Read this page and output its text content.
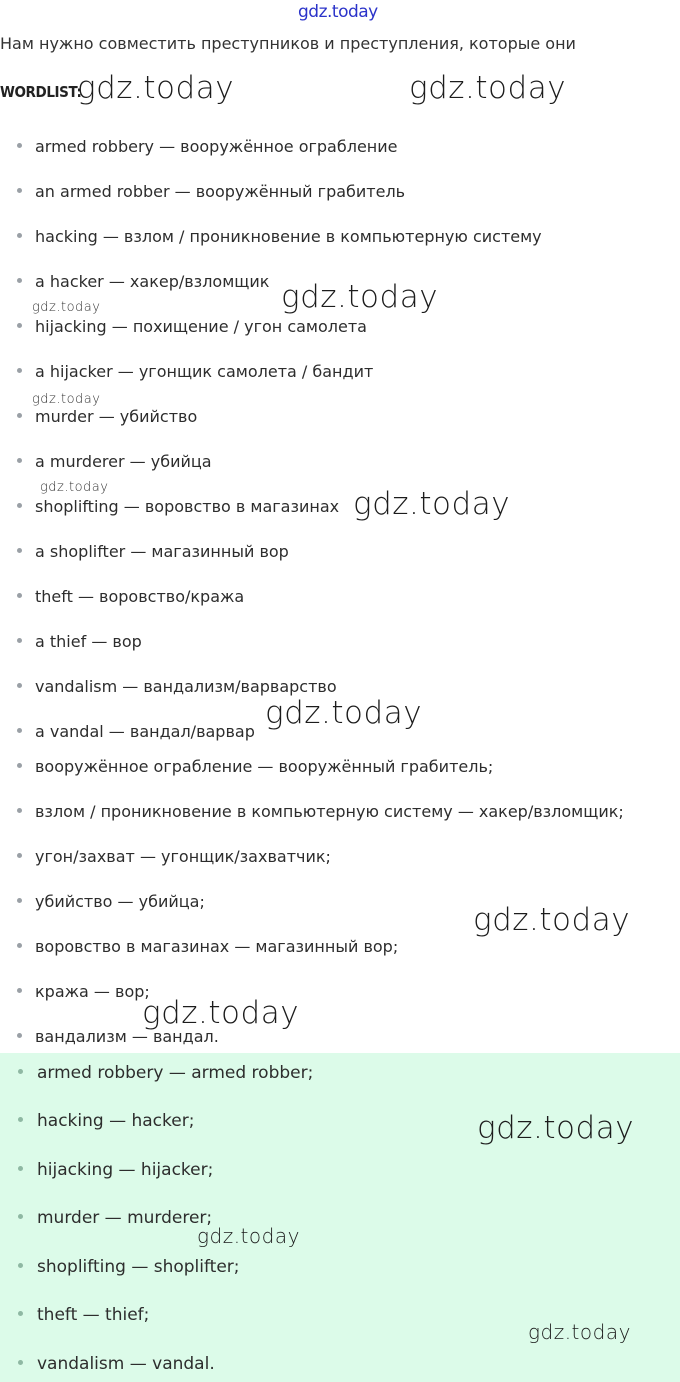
gdz.today
Нам нужно совместить преступников и преступления, которые они
WORDLIST:
armed robbery — вооружённое ограбление
an armed robber — вооружённый грабитель
hacking — взлом / проникновение в компьютерную систему
a hacker — хакер/взломщик
hijacking — похищение / угон самолета
a hijacker — угонщик самолета / бандит
murder — убийство
a murderer — убийца
shoplifting — воровство в магазинах
a shoplifter — магазинный вор
theft — воровство/кража
a thief — вор
vandalism — вандализм/варварство
a vandal — вандал/варвар
вооружённое ограбление — вооружённый грабитель;
взлом / проникновение в компьютерную систему — хакер/взломщик;
угон/захват — угонщик/захватчик;
убийство — убийца;
воровство в магазинах — магазинный вор;
кража — вор;
вандализм — вандал.
armed robbery — armed robber;
hacking — hacker;
hijacking — hijacker;
murder — murderer;
shoplifting — shoplifter;
theft — thief;
vandalism — vandal.
gdz.today	gdz.today
gdz.today
gdz.today
gdz.today
gdz.today	gdz.today
gdz.today
gdz.today
gdz.today
gdz.today
gdz.today
gdz.today
